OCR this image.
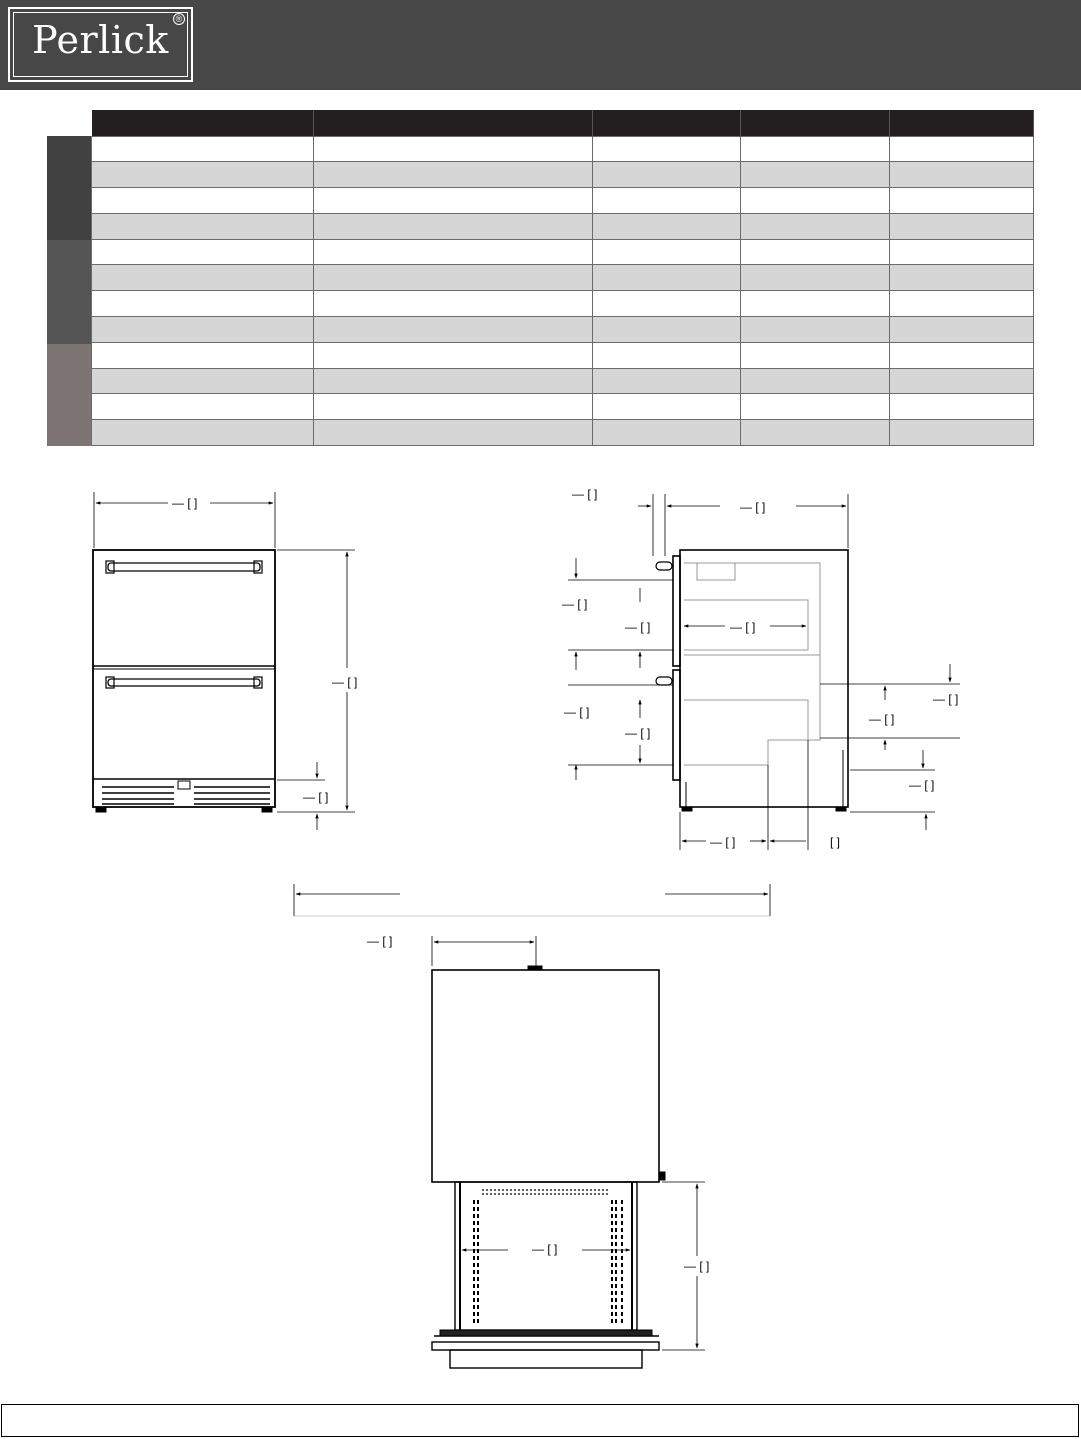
Perlick ®

— [ ]
— [ ]
— [ ]
— [ ]
— [ ]
— [ ]
— [ ]	— [ ]
— [ ]
— [ ]
— [ ]
— [ ]
— [ ]
— [ ]	[ ]
— [ ]
— [ ]
— [ ]
